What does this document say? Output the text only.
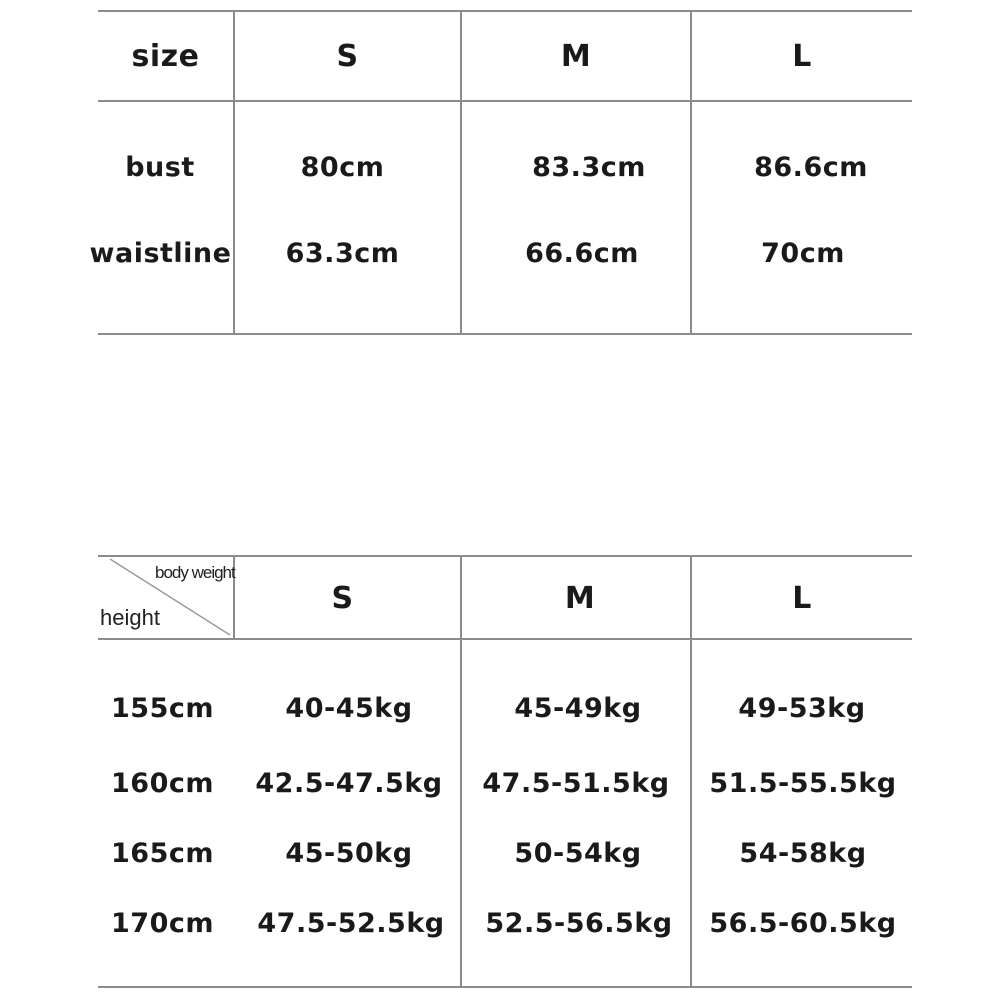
size	S	M	L
bust	80cm	83.3cm	86.6cm
waistline	63.3cm	66.6cm	70cm
body weight
height
S	M	L
155cm	40-45kg	45-49kg	49-53kg
160cm	42.5-47.5kg	47.5-51.5kg	51.5-55.5kg
165cm	45-50kg	50-54kg	54-58kg
170cm	47.5-52.5kg	52.5-56.5kg	56.5-60.5kg
